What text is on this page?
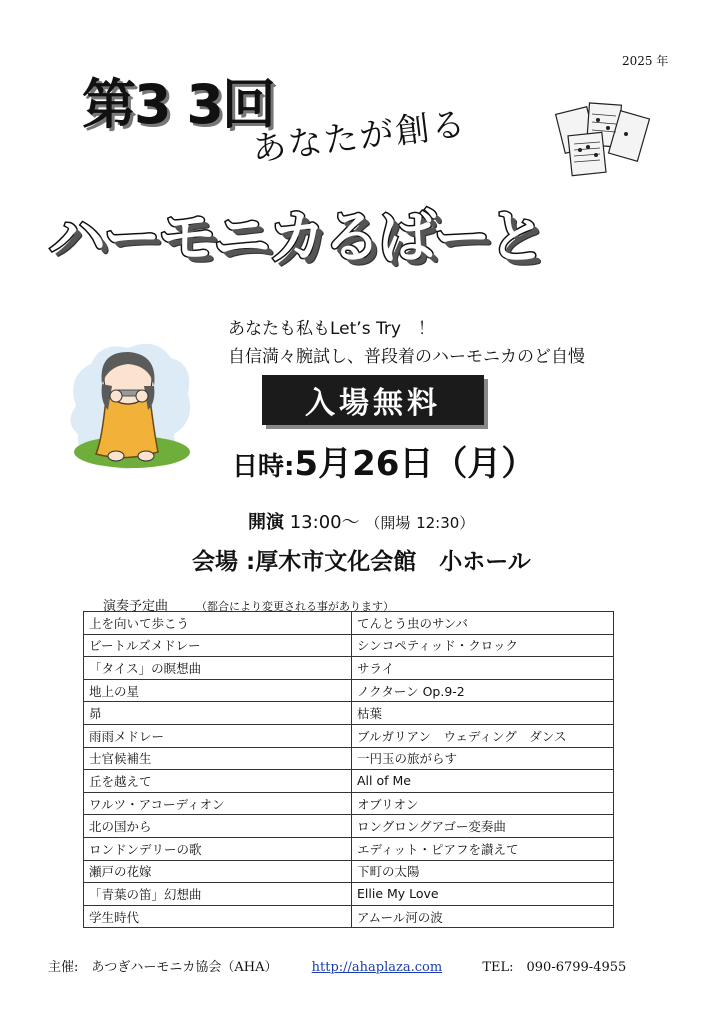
2025 年
第3 3回
あなたが創る
ハーモニカるばーと
あなたも私もLet’s Try　！
自信満々腕試し、普段着のハーモニカのど自慢
入場無料
日時:5月26日（月）
開演 13:00～ （開場 12:30）
会場 :厚木市文化会館　小ホール
演奏予定曲	（都合により変更される事があります）
上を向いて歩こう	てんとう虫のサンバ
ビートルズメドレー	シンコペティッド・クロック
「タイス」の瞑想曲	サライ
地上の星	ノクターン Op.9-2
昴	枯葉
雨雨メドレー	ブルガリアン　ウェディング　ダンス
士官候補生	一円玉の旅がらす
丘を越えて	All of Me
ワルツ・アコーディオン	オブリオン
北の国から	ロングロングアゴー変奏曲
ロンドンデリーの歌	エディット・ピアフを讃えて
瀬戸の花嫁	下町の太陽
「青葉の笛」幻想曲	Ellie My Love
学生時代	アムール河の波
主催:　あつぎハーモニカ協会（AHA）	http://ahaplaza.com	TEL:　090-6799-4955
